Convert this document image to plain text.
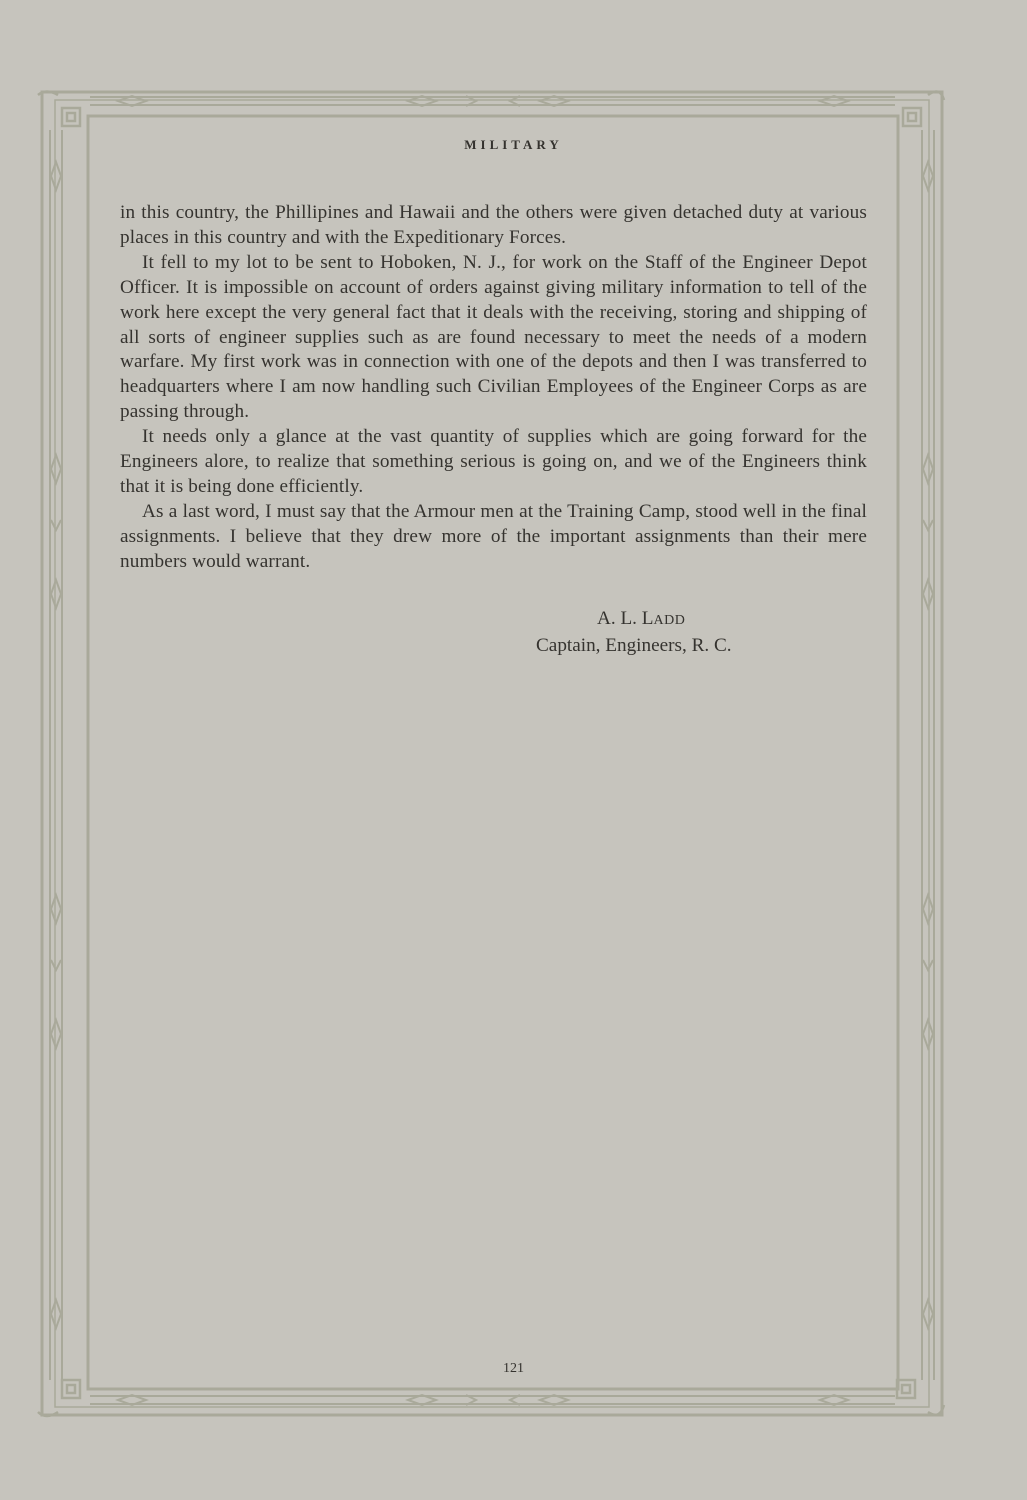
MILITARY

in this country, the Phillipines and Hawaii and the others were given detached duty at various places in this country and with the Expeditionary Forces.

It fell to my lot to be sent to Hoboken, N. J., for work on the Staff of the Engineer Depot Officer. It is impossible on account of orders against giving military information to tell of the work here except the very general fact that it deals with the receiving, storing and shipping of all sorts of engineer supplies such as are found necessary to meet the needs of a modern warfare. My first work was in connection with one of the depots and then I was transferred to headquarters where I am now handling such Civilian Employees of the Engineer Corps as are passing through.

It needs only a glance at the vast quantity of supplies which are going forward for the Engineers alore, to realize that something serious is going on, and we of the Engineers think that it is being done efficiently.

As a last word, I must say that the Armour men at the Training Camp, stood well in the final assignments. I believe that they drew more of the important assignments than their mere numbers would warrant.

A. L. LADD
Captain, Engineers, R. C.
121
